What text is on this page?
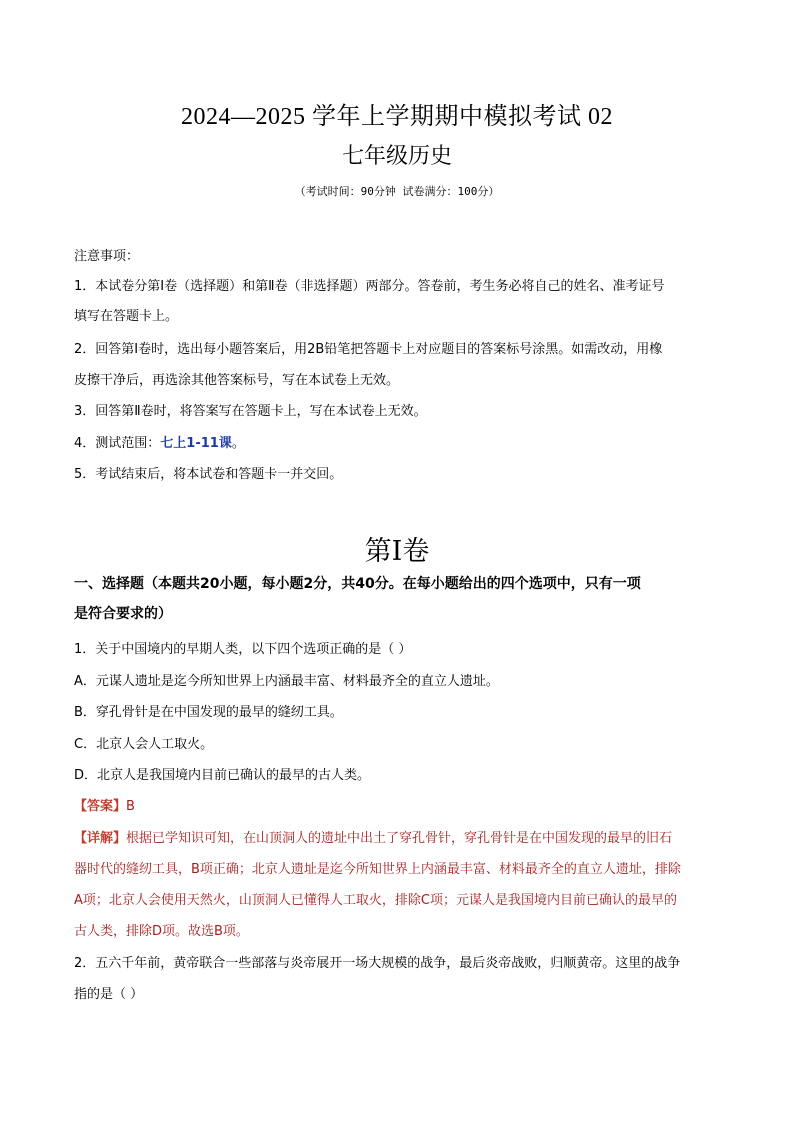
2024—2025 学年上学期期中模拟考试 02
七年级历史
（考试时间：90分钟 试卷满分：100分）
注意事项：
1．本试卷分第Ⅰ卷（选择题）和第Ⅱ卷（非选择题）两部分。答卷前，考生务必将自己的姓名、准考证号
填写在答题卡上。
2．回答第Ⅰ卷时，选出每小题答案后，用2B铅笔把答题卡上对应题目的答案标号涂黑。如需改动，用橡
皮擦干净后，再选涂其他答案标号，写在本试卷上无效。
3．回答第Ⅱ卷时，将答案写在答题卡上，写在本试卷上无效。
4．测试范围：七上1-11课。
5．考试结束后，将本试卷和答题卡一并交回。
第Ⅰ卷
一、选择题（本题共20小题，每小题2分，共40分。在每小题给出的四个选项中，只有一项
是符合要求的）
1．关于中国境内的早期人类，以下四个选项正确的是（ ）
A．元谋人遗址是迄今所知世界上内涵最丰富、材料最齐全的直立人遗址。
B．穿孔骨针是在中国发现的最早的缝纫工具。
C．北京人会人工取火。
D．北京人是我国境内目前已确认的最早的古人类。
【答案】B
【详解】根据已学知识可知，在山顶洞人的遗址中出土了穿孔骨针，穿孔骨针是在中国发现的最早的旧石
器时代的缝纫工具，B项正确；北京人遗址是迄今所知世界上内涵最丰富、材料最齐全的直立人遗址，排除
A项；北京人会使用天然火，山顶洞人已懂得人工取火，排除C项；元谋人是我国境内目前已确认的最早的
古人类，排除D项。故选B项。
2．五六千年前，黄帝联合一些部落与炎帝展开一场大规模的战争，最后炎帝战败，归顺黄帝。这里的战争
指的是（ ）
